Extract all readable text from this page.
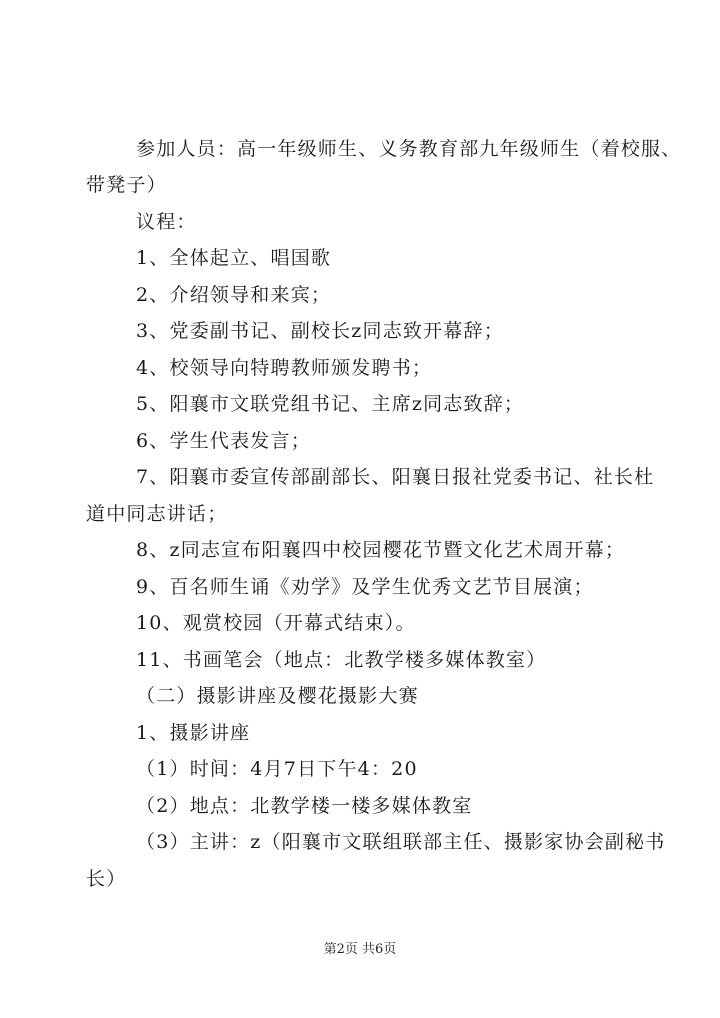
参加人员：高一年级师生、义务教育部九年级师生（着校服、
带凳子）
议程：
1、全体起立、唱国歌
2、介绍领导和来宾；
3、党委副书记、副校长z同志致开幕辞；
4、校领导向特聘教师颁发聘书；
5、阳襄市文联党组书记、主席z同志致辞；
6、学生代表发言；
7、阳襄市委宣传部副部长、阳襄日报社党委书记、社长杜
道中同志讲话；
8、z同志宣布阳襄四中校园樱花节暨文化艺术周开幕；
9、百名师生诵《劝学》及学生优秀文艺节目展演；
10、观赏校园（开幕式结束）。
11、书画笔会（地点：北教学楼多媒体教室）
（二）摄影讲座及樱花摄影大赛
1、摄影讲座
（1）时间：4月7日下午4：20
（2）地点：北教学楼一楼多媒体教室
（3）主讲：z（阳襄市文联组联部主任、摄影家协会副秘书
长）
第2页 共6页
